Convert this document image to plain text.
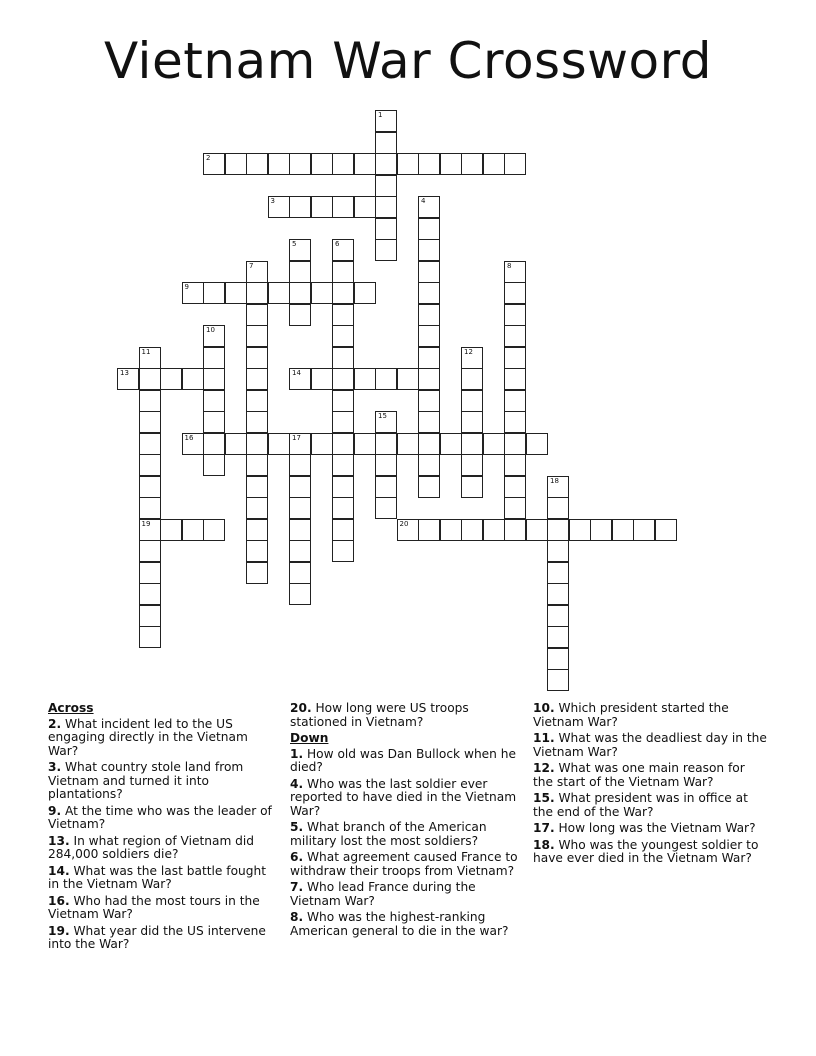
Vietnam War Crossword
1
2
3	4
5	6
7	8
9
10
11
19
12
13	14
15
16	17
18
20
Across

2. What incident led to the US engaging directly in the Vietnam War?

3. What country stole land from Vietnam and turned it into plantations?

9. At the time who was the leader of Vietnam?

13. In what region of Vietnam did 284,000 soldiers die?

14. What was the last battle fought in the Vietnam War?

16. Who had the most tours in the Vietnam War?

19. What year did the US intervene into the War?

20. How long were US troops stationed in Vietnam?

Down

1. How old was Dan Bullock when he died?

4. Who was the last soldier ever reported to have died in the Vietnam War?

5. What branch of the American military lost the most soldiers?

6. What agreement caused France to withdraw their troops from Vietnam?

7. Who lead France during the Vietnam War?

8. Who was the highest-ranking American general to die in the war?

10. Which president started the Vietnam War?

11. What was the deadliest day in the Vietnam War?

12. What was one main reason for the start of the Vietnam War?

15. What president was in office at the end of the War?

17. How long was the Vietnam War?

18. Who was the youngest soldier to have ever died in the Vietnam War?
